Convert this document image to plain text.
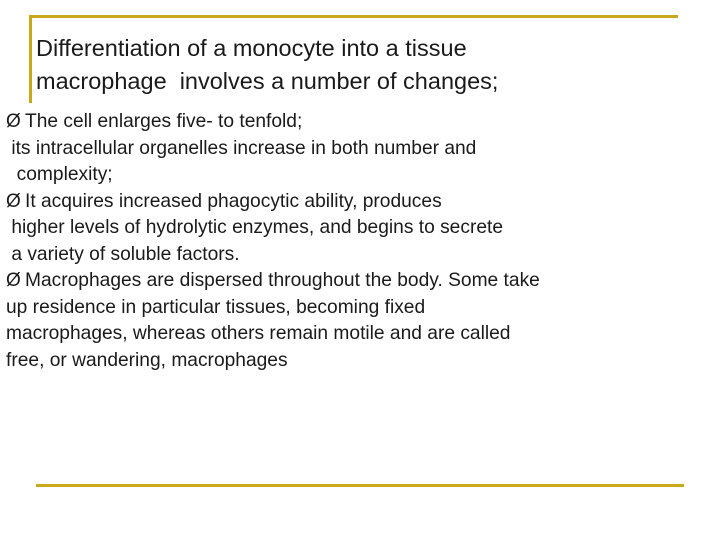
Differentiation of a monocyte into a tissue
macrophage  involves a number of changes;
Ø The cell enlarges five- to tenfold;
its intracellular organelles increase in both number and
complexity;
Ø It acquires increased phagocytic ability, produces
higher levels of hydrolytic enzymes, and begins to secrete
a variety of soluble factors.
Ø Macrophages are dispersed throughout the body. Some take
up residence in particular tissues, becoming fixed
macrophages, whereas others remain motile and are called
free, or wandering, macrophages
